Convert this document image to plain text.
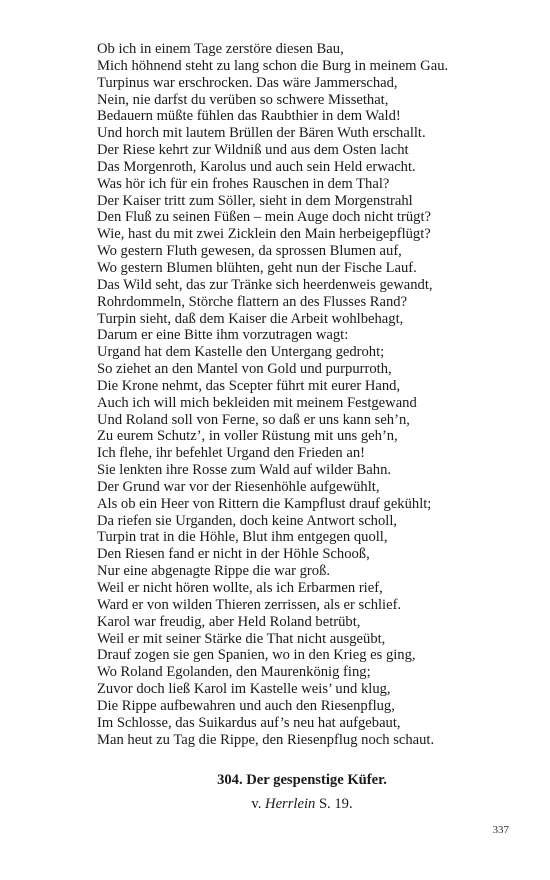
Ob ich in einem Tage zerstöre diesen Bau,
Mich höhnend steht zu lang schon die Burg in meinem Gau.
Turpinus war erschrocken. Das wäre Jammerschad,
Nein, nie darfst du verüben so schwere Missethat,
Bedauern müßte fühlen das Raubthier in dem Wald!
Und horch mit lautem Brüllen der Bären Wuth erschallt.
Der Riese kehrt zur Wildniß und aus dem Osten lacht
Das Morgenroth, Karolus und auch sein Held erwacht.
Was hör ich für ein frohes Rauschen in dem Thal?
Der Kaiser tritt zum Söller, sieht in dem Morgenstrahl
Den Fluß zu seinen Füßen – mein Auge doch nicht trügt?
Wie, hast du mit zwei Zicklein den Main herbeigepflügt?
Wo gestern Fluth gewesen, da sprossen Blumen auf,
Wo gestern Blumen blühten, geht nun der Fische Lauf.
Das Wild seht, das zur Tränke sich heerdenweis gewandt,
Rohrdommeln, Störche flattern an des Flusses Rand?
Turpin sieht, daß dem Kaiser die Arbeit wohlbehagt,
Darum er eine Bitte ihm vorzutragen wagt:
Urgand hat dem Kastelle den Untergang gedroht;
So ziehet an den Mantel von Gold und purpurroth,
Die Krone nehmt, das Scepter führt mit eurer Hand,
Auch ich will mich bekleiden mit meinem Festgewand
Und Roland soll von Ferne, so daß er uns kann seh’n,
Zu eurem Schutz’, in voller Rüstung mit uns geh’n,
Ich flehe, ihr befehlet Urgand den Frieden an!
Sie lenkten ihre Rosse zum Wald auf wilder Bahn.
Der Grund war vor der Riesenhöhle aufgewühlt,
Als ob ein Heer von Rittern die Kampflust drauf gekühlt;
Da riefen sie Urganden, doch keine Antwort scholl,
Turpin trat in die Höhle, Blut ihm entgegen quoll,
Den Riesen fand er nicht in der Höhle Schooß,
Nur eine abgenagte Rippe die war groß.
Weil er nicht hören wollte, als ich Erbarmen rief,
Ward er von wilden Thieren zerrissen, als er schlief.
Karol war freudig, aber Held Roland betrübt,
Weil er mit seiner Stärke die That nicht ausgeübt,
Drauf zogen sie gen Spanien, wo in den Krieg es ging,
Wo Roland Egolanden, den Maurenkönig fing;
Zuvor doch ließ Karol im Kastelle weis’ und klug,
Die Rippe aufbewahren und auch den Riesenpflug,
Im Schlosse, das Suikardus auf’s neu hat aufgebaut,
Man heut zu Tag die Rippe, den Riesenpflug noch schaut.
304. Der gespenstige Küfer.
v. Herrlein S. 19.
337
